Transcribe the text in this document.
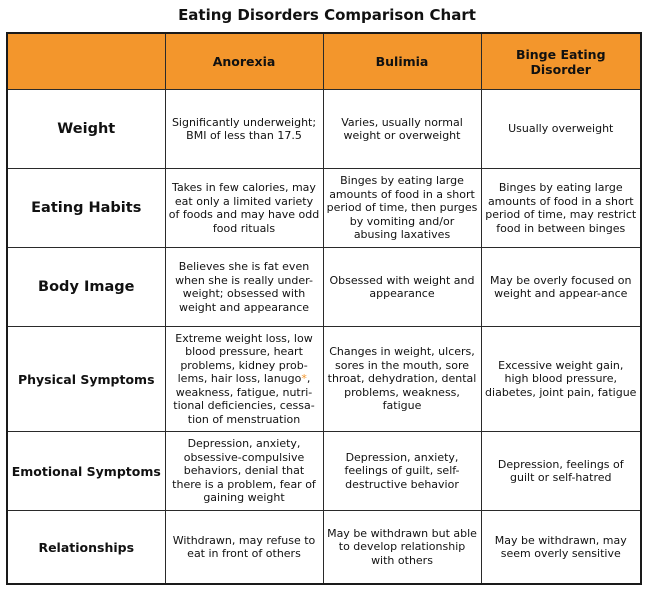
Eating Disorders Comparison Chart
	Anorexia	Bulimia	Binge Eating Disorder
Weight	Significantly underweight; BMI of less than 17.5	Varies, usually normal weight or overweight	Usually overweight
Eating Habits	Takes in few calories, may eat only a limited variety of foods and may have odd food rituals	Binges by eating large amounts of food in a short period of time, then purges by vomiting and/or abusing laxatives	Binges by eating large amounts of food in a short period of time, may restrict food in between binges
Body Image	Believes she is fat even when she is really under-weight; obsessed with weight and appearance	Obsessed with weight and appearance	May be overly focused on weight and appear-ance
Physical Symptoms	Extreme weight loss, low blood pressure, heart problems, kidney prob-lems, hair loss, lanugo*, weakness, fatigue, nutri-tional deficiencies, cessa-tion of menstruation	Changes in weight, ulcers, sores in the mouth, sore throat, dehydration, dental problems, weakness, fatigue	Excessive weight gain, high blood pressure, diabetes, joint pain, fatigue
Emotional Symptoms	Depression, anxiety, obsessive-compulsive behaviors, denial that there is a problem, fear of gaining weight	Depression, anxiety, feelings of guilt, self-destructive behavior	Depression, feelings of guilt or self-hatred
Relationships	Withdrawn, may refuse to eat in front of others	May be withdrawn but able to develop relationship with others	May be withdrawn, may seem overly sensitive
